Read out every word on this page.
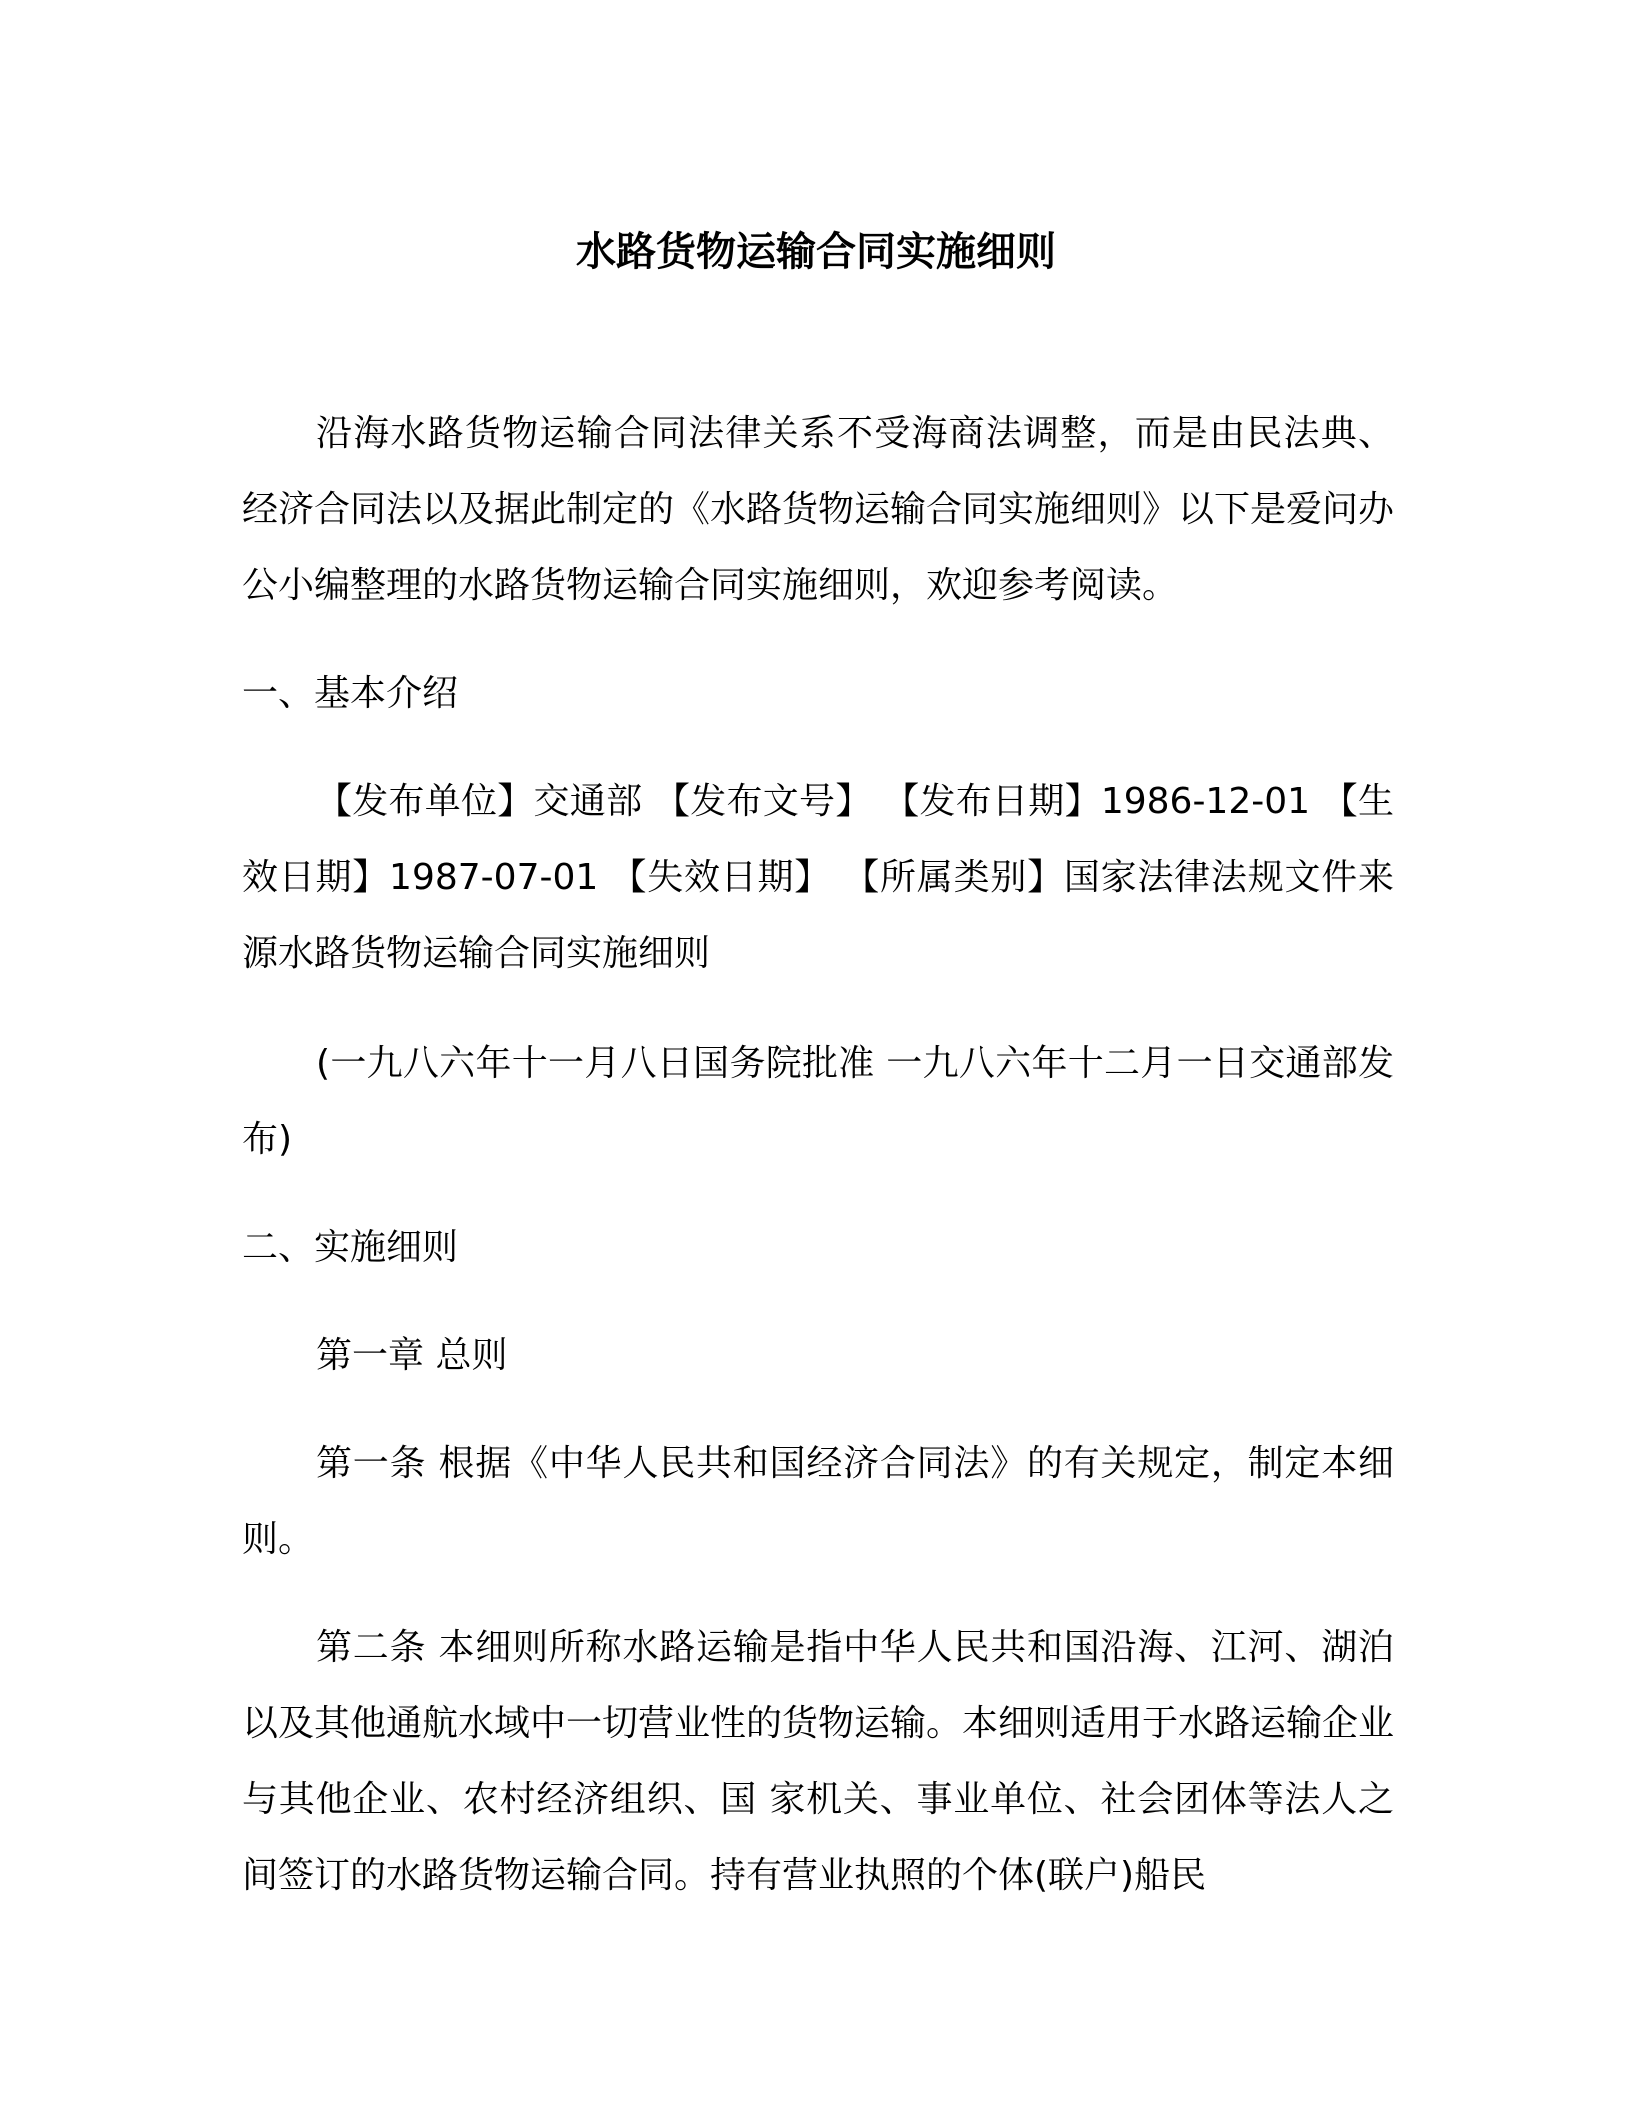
水路货物运输合同实施细则

沿海水路货物运输合同法律关系不受海商法调整，而是由民法典、经济合同法以及据此制定的《水路货物运输合同实施细则》以下是爱问办公小编整理的水路货物运输合同实施细则，欢迎参考阅读。

一、基本介绍

【发布单位】交通部 【发布文号】 【发布日期】1986-12-01 【生效日期】1987-07-01 【失效日期】 【所属类别】国家法律法规文件来源水路货物运输合同实施细则

(一九八六年十一月八日国务院批准 一九八六年十二月一日交通部发布)

二、实施细则

第一章 总则

第一条 根据《中华人民共和国经济合同法》的有关规定，制定本细则。

第二条 本细则所称水路运输是指中华人民共和国沿海、江河、湖泊以及其他通航水域中一切营业性的货物运输。本细则适用于水路运输企业与其他企业、农村经济组织、国 家机关、事业单位、社会团体等法人之间签订的水路货物运输合同。持有营业执照的个体(联户)船民
